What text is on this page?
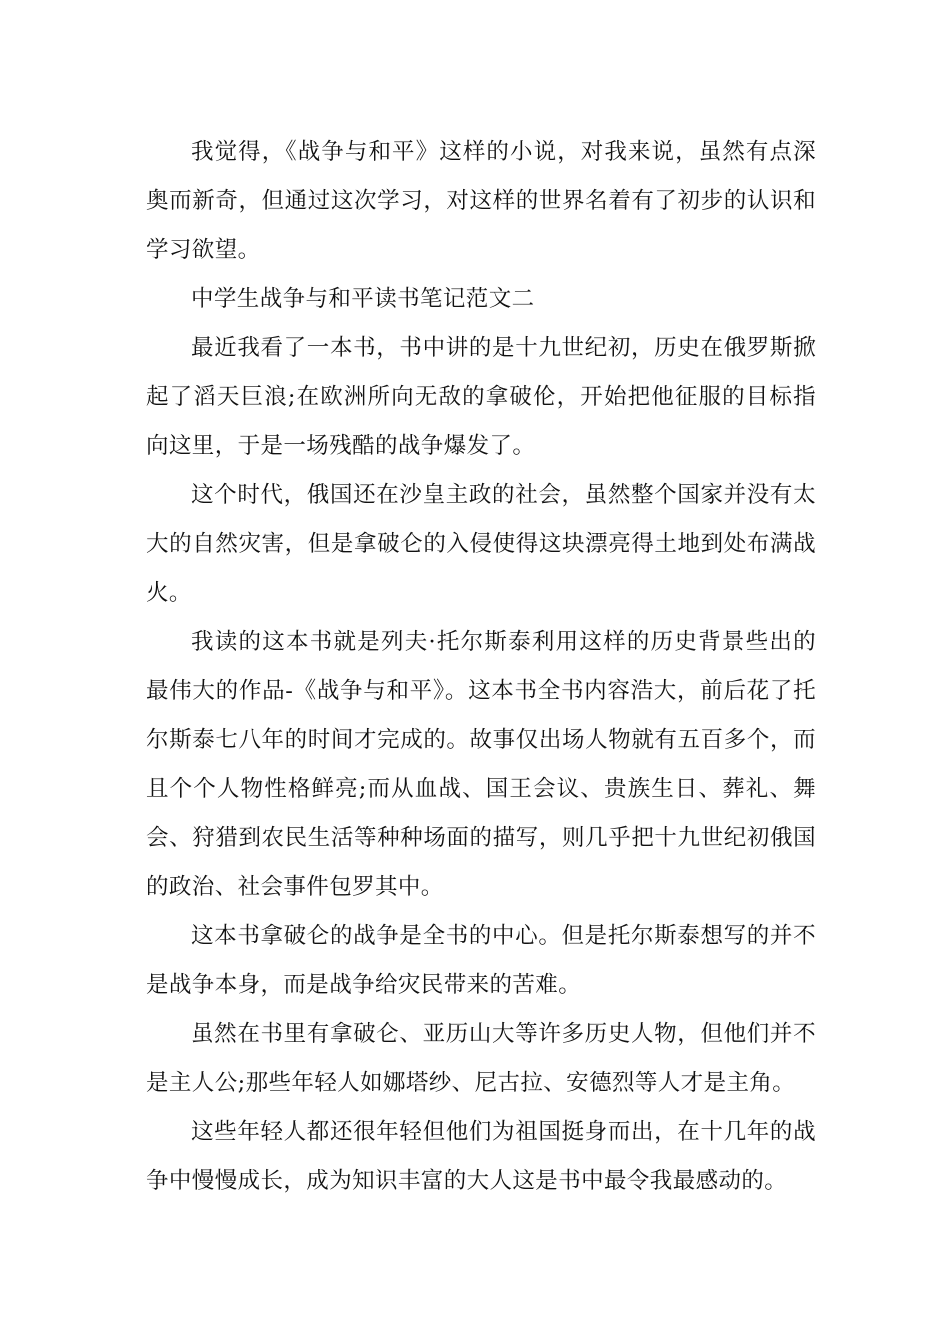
我觉得，《战争与和平》这样的小说，对我来说，虽然有点深奥而新奇，但通过这次学习，对这样的世界名着有了初步的认识和学习欲望。

中学生战争与和平读书笔记范文二

最近我看了一本书，书中讲的是十九世纪初，历史在俄罗斯掀起了滔天巨浪;在欧洲所向无敌的拿破伦，开始把他征服的目标指向这里，于是一场残酷的战争爆发了。

这个时代，俄国还在沙皇主政的社会，虽然整个国家并没有太大的自然灾害，但是拿破仑的入侵使得这块漂亮得土地到处布满战火。

我读的这本书就是列夫·托尔斯泰利用这样的历史背景些出的最伟大的作品-《战争与和平》。这本书全书内容浩大，前后花了托尔斯泰七八年的时间才完成的。故事仅出场人物就有五百多个，而且个个人物性格鲜亮;而从血战、国王会议、贵族生日、葬礼、舞会、狩猎到农民生活等种种场面的描写，则几乎把十九世纪初俄国的政治、社会事件包罗其中。

这本书拿破仑的战争是全书的中心。但是托尔斯泰想写的并不是战争本身，而是战争给灾民带来的苦难。

虽然在书里有拿破仑、亚历山大等许多历史人物，但他们并不是主人公;那些年轻人如娜塔纱、尼古拉、安德烈等人才是主角。

这些年轻人都还很年轻但他们为祖国挺身而出，在十几年的战争中慢慢成长，成为知识丰富的大人这是书中最令我最感动的。
